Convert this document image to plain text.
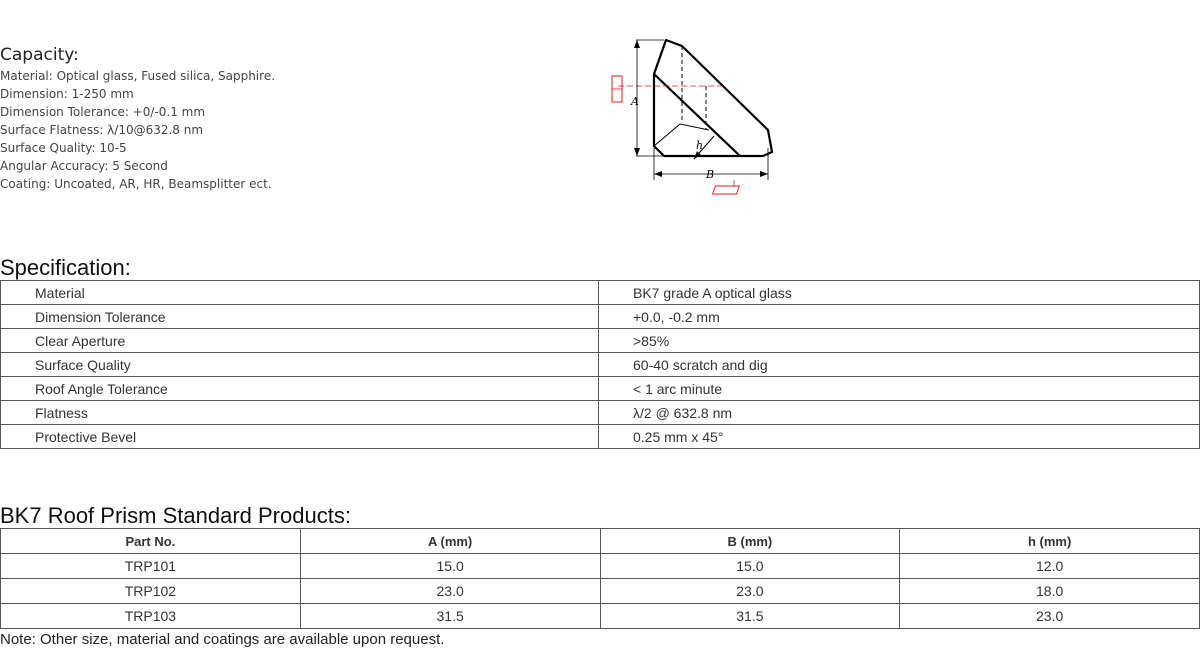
Capacity:
Material: Optical glass, Fused silica, Sapphire.
Dimension: 1-250 mm
Dimension Tolerance: +0/-0.1 mm
Surface Flatness: λ/10@632.8 nm
Surface Quality: 10-5
Angular Accuracy: 5 Second
Coating: Uncoated, AR, HR, Beamsplitter ect.
A
B
h
Specification:
Material	BK7 grade A optical glass
Dimension Tolerance	+0.0, -0.2 mm
Clear Aperture	>85%
Surface Quality	60-40 scratch and dig
Roof Angle Tolerance	< 1 arc minute
Flatness	λ/2 @ 632.8 nm
Protective Bevel	0.25 mm x 45°
BK7 Roof Prism Standard Products:
Part No.	A (mm)	B (mm)	h (mm)
TRP101	15.0	15.0	12.0
TRP102	23.0	23.0	18.0
TRP103	31.5	31.5	23.0
Note: Other size, material and coatings are available upon request.
